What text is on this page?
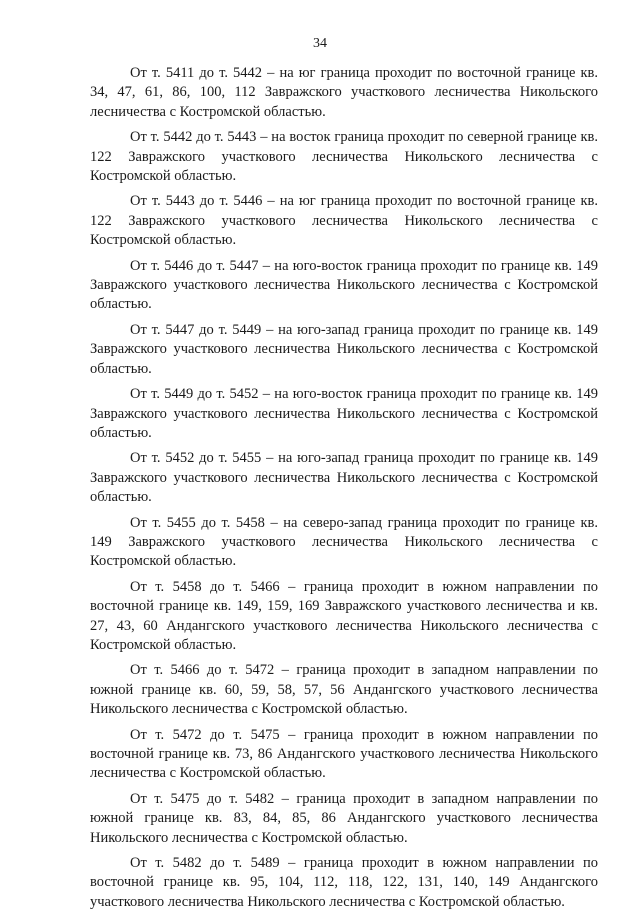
34

От т. 5411 до т. 5442 – на юг граница проходит по восточной границе кв. 34, 47, 61, 86, 100, 112 Завражского участкового лесничества Никольского лесничества с Костромской областью.

От т. 5442 до т. 5443 – на восток граница проходит по северной границе кв. 122 Завражского участкового лесничества Никольского лесничества с Костромской областью.

От т. 5443 до т. 5446 – на юг граница проходит по восточной границе кв. 122 Завражского участкового лесничества Никольского лесничества с Костромской областью.

От т. 5446 до т. 5447 – на юго-восток граница проходит по границе кв. 149 Завражского участкового лесничества Никольского лесничества с Костромской областью.

От т. 5447 до т. 5449 – на юго-запад граница проходит по границе кв. 149 Завражского участкового лесничества Никольского лесничества с Костромской областью.

От т. 5449 до т. 5452 – на юго-восток граница проходит по границе кв. 149 Завражского участкового лесничества Никольского лесничества с Костромской областью.

От т. 5452 до т. 5455 – на юго-запад граница проходит по границе кв. 149 Завражского участкового лесничества Никольского лесничества с Костромской областью.

От т. 5455 до т. 5458 – на северо-запад граница проходит по границе кв. 149 Завражского участкового лесничества Никольского лесничества с Костромской областью.

От т. 5458 до т. 5466 – граница проходит в южном направлении по восточной границе кв. 149, 159, 169 Завражского участкового лесничества и кв. 27, 43, 60 Андангского участкового лесничества Никольского лесничества с Костромской областью.

От т. 5466 до т. 5472 – граница проходит в западном направлении по южной границе кв. 60, 59, 58, 57, 56 Андангского участкового лесничества Никольского лесничества с Костромской областью.

От т. 5472 до т. 5475 – граница проходит в южном направлении по восточной границе кв. 73, 86 Андангского участкового лесничества Никольского лесничества с Костромской областью.

От т. 5475 до т. 5482 – граница проходит в западном направлении по южной границе кв. 83, 84, 85, 86 Андангского участкового лесничества Никольского лесничества с Костромской областью.

От т. 5482 до т. 5489 – граница проходит в южном направлении по восточной границе кв. 95, 104, 112, 118, 122, 131, 140, 149 Андангского участкового лесничества Никольского лесничества с Костромской областью.
